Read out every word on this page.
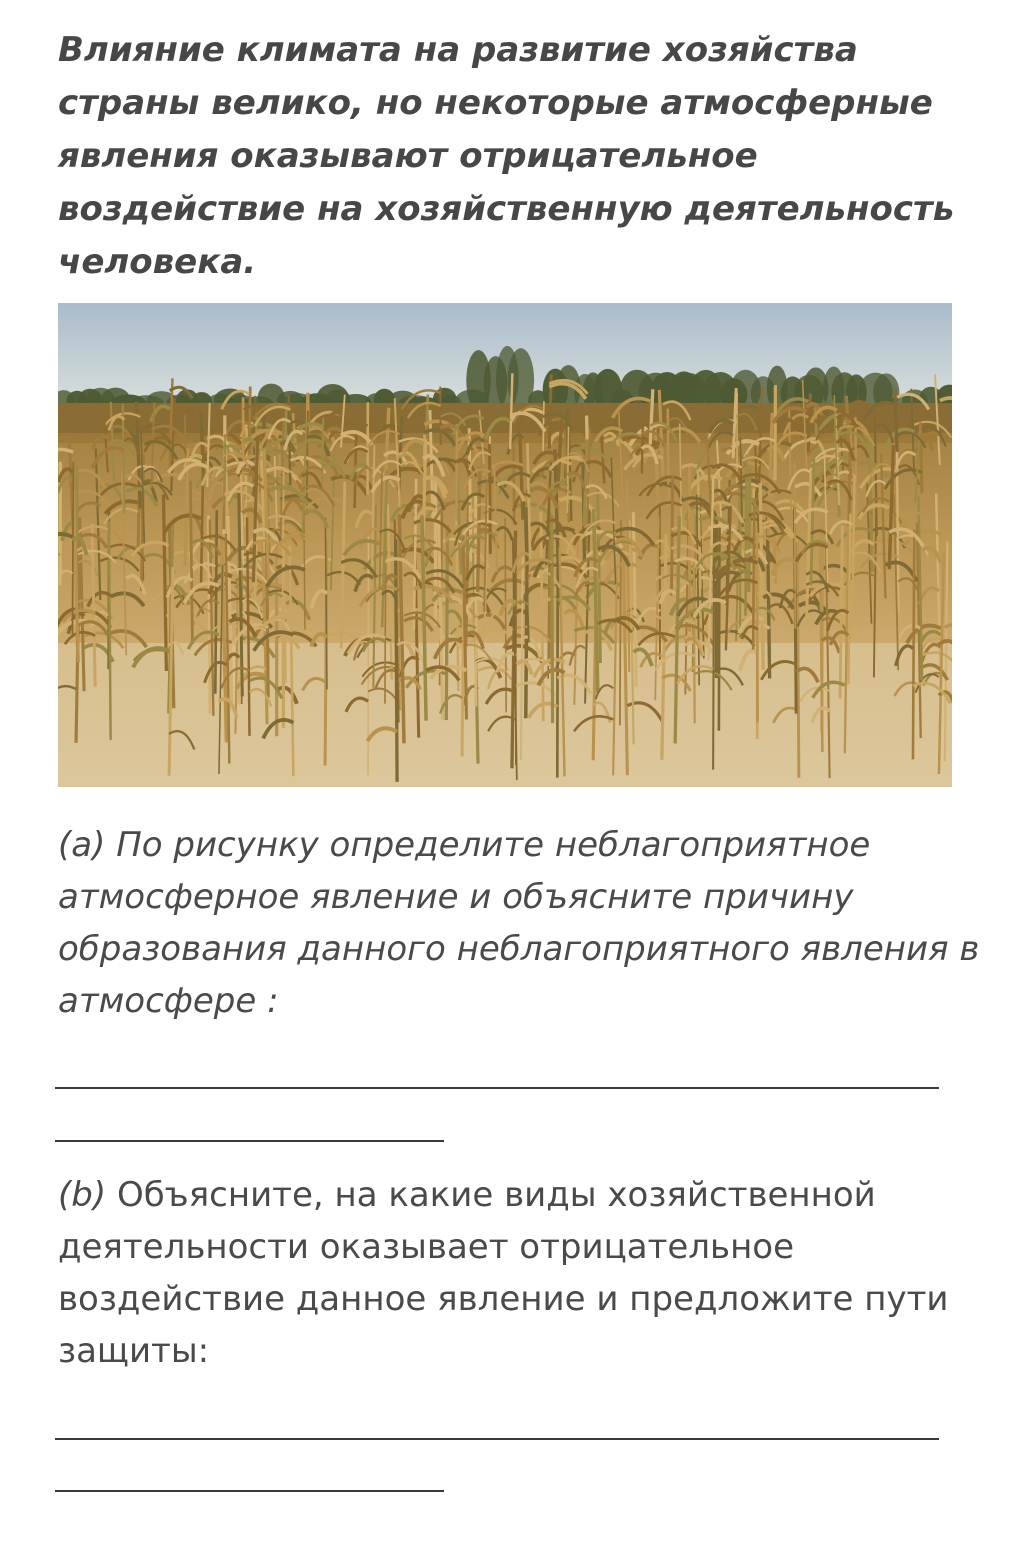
Влияние климата на развитие хозяйства страны велико, но некоторые атмосферные явления оказывают отрицательное воздействие на хозяйственную деятельность человека.

(a) По рисунку определите неблагоприятное атмосферное явление и объясните причину образования данного неблагоприятного явления в атмосфере :

(b) Объясните, на какие виды хозяйственной деятельности оказывает отрицательное воздействие данное явление и предложите пути защиты:
